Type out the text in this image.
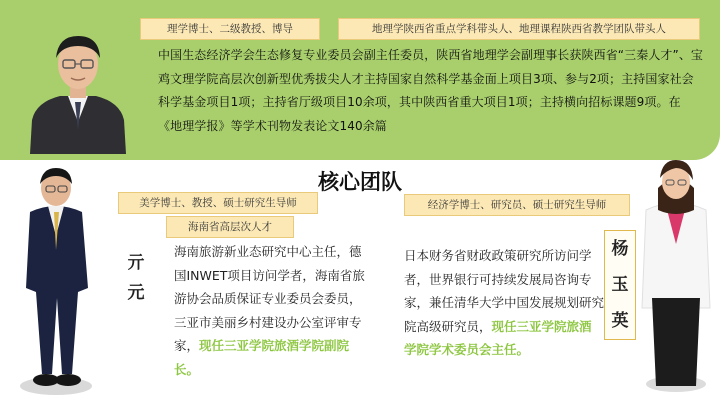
理学博士、二级教授、博导	地理学陕西省重点学科带头人、地理课程陕西省教学团队带头人
中国生态经济学会生态修复专业委员会副主任委员，陕西省地理学会副理事长获陕西省“三秦人才”、宝鸡文理学院高层次创新型优秀拔尖人才主持国家自然科学基金面上项目3项、参与2项；主持国家社会科学基金项目1项；主持省厅级项目10余项，其中陕西省重大项目1项；主持横向招标课题9项。在《地理学报》等学术刊物发表论文140余篇
核心团队
美学博士、教授、硕士研究生导师
海南省高层次人才
亓
元
海南旅游新业态研究中心主任，德国INWET项目访问学者，海南省旅游协会品质保证专业委员会委员，三亚市美丽乡村建设办公室评审专家，现任三亚学院旅酒学院副院长。
经济学博士、研究员、硕士研究生导师
日本财务省财政政策研究所访问学者，世界银行可持续发展局咨询专家，兼任清华大学中国发展规划研究院高级研究员，现任三亚学院旅酒学院学术委员会主任。
杨
玉
英
